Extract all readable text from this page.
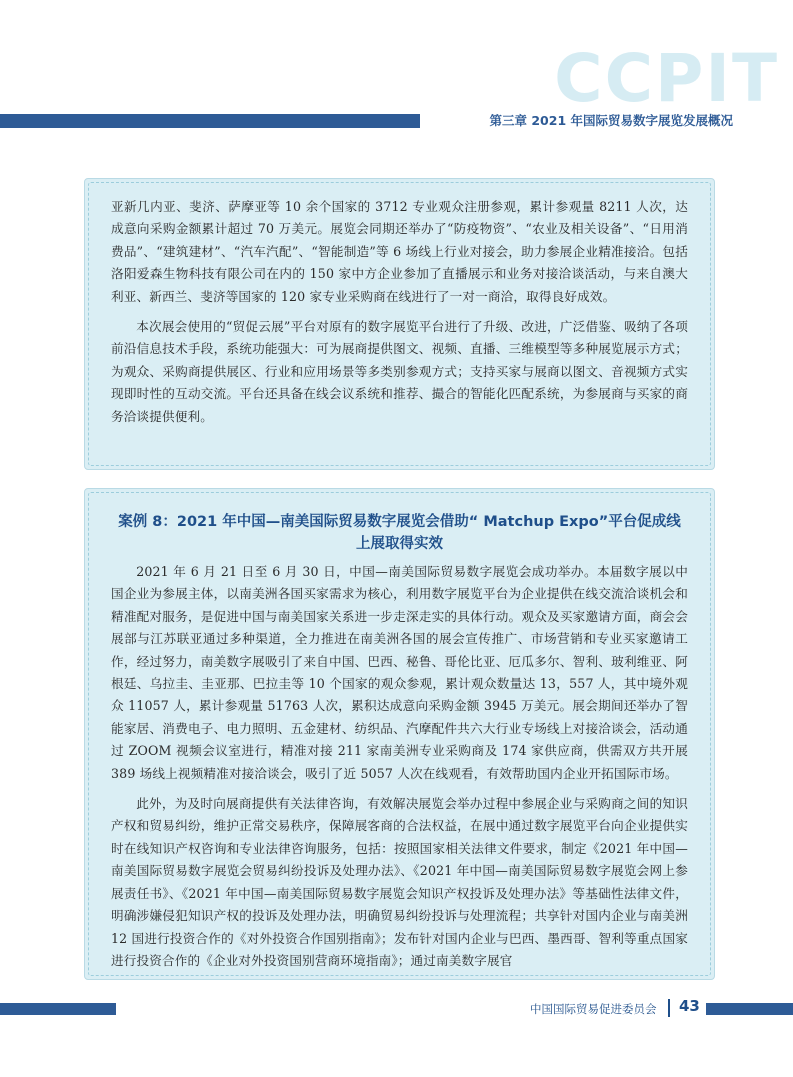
CCPIT
第三章 2021 年国际贸易数字展览发展概况

亚新几内亚、斐济、萨摩亚等 10 余个国家的 3712 专业观众注册参观，累计参观量 8211 人次，达成意向采购金额累计超过 70 万美元。展览会同期还举办了“防疫物资”、“农业及相关设备”、“日用消费品”、“建筑建材”、“汽车汽配”、“智能制造”等 6 场线上行业对接会，助力参展企业精准接洽。包括洛阳爱森生物科技有限公司在内的 150 家中方企业参加了直播展示和业务对接洽谈活动，与来自澳大利亚、新西兰、斐济等国家的 120 家专业采购商在线进行了一对一商洽，取得良好成效。

本次展会使用的“贸促云展”平台对原有的数字展览平台进行了升级、改进，广泛借鉴、吸纳了各项前沿信息技术手段，系统功能强大：可为展商提供图文、视频、直播、三维模型等多种展览展示方式；为观众、采购商提供展区、行业和应用场景等多类别参观方式；支持买家与展商以图文、音视频方式实现即时性的互动交流。平台还具备在线会议系统和推荐、撮合的智能化匹配系统，为参展商与买家的商务洽谈提供便利。

案例 8：2021 年中国—南美国际贸易数字展览会借助“ Matchup Expo”平台促成线上展取得实效

2021 年 6 月 21 日至 6 月 30 日，中国—南美国际贸易数字展览会成功举办。本届数字展以中国企业为参展主体，以南美洲各国买家需求为核心，利用数字展览平台为企业提供在线交流洽谈机会和精准配对服务，是促进中国与南美国家关系进一步走深走实的具体行动。观众及买家邀请方面，商会会展部与江苏联亚通过多种渠道，全力推进在南美洲各国的展会宣传推广、市场营销和专业买家邀请工作，经过努力，南美数字展吸引了来自中国、巴西、秘鲁、哥伦比亚、厄瓜多尔、智利、玻利维亚、阿根廷、乌拉圭、圭亚那、巴拉圭等 10 个国家的观众参观，累计观众数量达 13，557 人，其中境外观众 11057 人，累计参观量 51763 人次，累积达成意向采购金额 3945 万美元。展会期间还举办了智能家居、消费电子、电力照明、五金建材、纺织品、汽摩配件共六大行业专场线上对接洽谈会，活动通过 ZOOM 视频会议室进行，精准对接 211 家南美洲专业采购商及 174 家供应商，供需双方共开展 389 场线上视频精准对接洽谈会，吸引了近 5057 人次在线观看，有效帮助国内企业开拓国际市场。

此外，为及时向展商提供有关法律咨询，有效解决展览会举办过程中参展企业与采购商之间的知识产权和贸易纠纷，维护正常交易秩序，保障展客商的合法权益，在展中通过数字展览平台向企业提供实时在线知识产权咨询和专业法律咨询服务，包括：按照国家相关法律文件要求，制定《2021 年中国—南美国际贸易数字展览会贸易纠纷投诉及处理办法》、《2021 年中国—南美国际贸易数字展览会网上参展责任书》、《2021 年中国—南美国际贸易数字展览会知识产权投诉及处理办法》等基础性法律文件，明确涉嫌侵犯知识产权的投诉及处理办法，明确贸易纠纷投诉与处理流程；共享针对国内企业与南美洲 12 国进行投资合作的《对外投资合作国别指南》；发布针对国内企业与巴西、墨西哥、智利等重点国家进行投资合作的《企业对外投资国别营商环境指南》；通过南美数字展官

中国国际贸易促进委员会 43
